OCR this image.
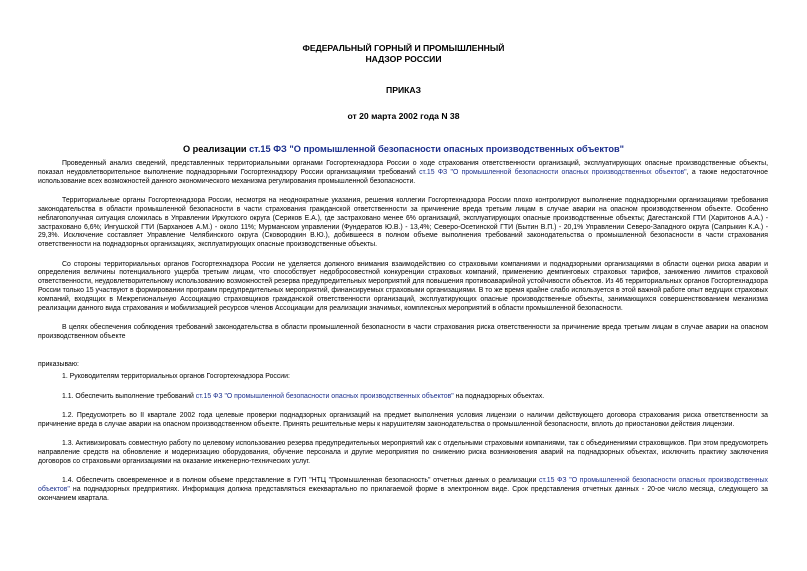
ФЕДЕРАЛЬНЫЙ ГОРНЫЙ И ПРОМЫШЛЕННЫЙ
НАДЗОР РОССИИ
ПРИКАЗ
от 20 марта 2002 года N 38
О реализации ст.15 ФЗ "О промышленной безопасности опасных производственных объектов"

Проведенный анализ сведений, представленных территориальными органами Госгортехнадзора России о ходе страхования ответственности организаций, эксплуатирующих опасные производственные объекты, показал неудовлетворительное выполнение поднадзорными Госгортехнадзору России организациями требований ст.15 ФЗ "О промышленной безопасности опасных производственных объектов", а также недостаточное использование всех возможностей данного экономического механизма регулирования промышленной безопасности.

Территориальные органы Госгортехнадзора России, несмотря на неоднократные указания, решения коллегии Госгортехнадзора России плохо контролируют выполнение поднадзорными организациями требования законодательства в области промышленной безопасности в части страхования гражданской ответственности за причинение вреда третьим лицам в случае аварии на опасном производственном объекте. Особенно неблагополучная ситуация сложилась в Управлении Иркутского округа (Сериков Е.А.), где застраховано менее 6% организаций, эксплуатирующих опасные производственные объекты; Дагестанской ГТИ (Харитонов А.А.) - застраховано 6,6%; Ингушской ГТИ (Барханоев А.М.) - около 11%; Мурманском управлении (Фундератов Ю.В.) - 13,4%; Северо-Осетинской ГТИ (Бытин В.П.) - 20,1% Управлении Северо-Западного округа (Сапрыкин К.А.) - 29,3%. Исключение составляет Управление Челябинского округа (Сковородкин В.Ю.), добившееся в полном объеме выполнения требований законодательства о промышленной безопасности в части страхования ответственности на поднадзорных организациях, эксплуатирующих опасные производственные объекты.

Со стороны территориальных органов Госгортехнадзора России не уделяется должного внимания взаимодействию со страховыми компаниями и поднадзорными организациями в области оценки риска аварии и определения величины потенциального ущерба третьим лицам, что способствует недобросовестной конкуренции страховых компаний, применению демпинговых страховых тарифов, занижению лимитов страховой ответственности, неудовлетворительному использованию возможностей резерва предупредительных мероприятий для повышения противоаварийной устойчивости объектов. Из 46 территориальных органов Госгортехнадзора России только 15 участвуют в формировании программ предупредительных мероприятий, финансируемых страховыми организациями. В то же время крайне слабо используется в этой важной работе опыт ведущих страховых компаний, входящих в Межрегиональную Ассоциацию страховщиков гражданской ответственности организаций, эксплуатирующих опасные производственные объекты, занимающихся совершенствованием механизма реализации данного вида страхования и мобилизацией ресурсов членов Ассоциации для реализации значимых, комплексных мероприятий в области промышленной безопасности.

В целях обеспечения соблюдения требований законодательства в области промышленной безопасности в части страхования риска ответственности за причинение вреда третьим лицам в случае аварии на опасном производственном объекте

приказываю:

1. Руководителям территориальных органов Госгортехнадзора России:

1.1. Обеспечить выполнение требований ст.15 ФЗ "О промышленной безопасности опасных производственных объектов" на поднадзорных объектах.

1.2. Предусмотреть во II квартале 2002 года целевые проверки поднадзорных организаций на предмет выполнения условия лицензии о наличии действующего договора страхования риска ответственности за причинение вреда в случае аварии на опасном производственном объекте. Принять решительные меры к нарушителям законодательства о промышленной безопасности, вплоть до приостановки действия лицензии.

1.3. Активизировать совместную работу по целевому использованию резерва предупредительных мероприятий как с отдельными страховыми компаниями, так с объединениями страховщиков. При этом предусмотреть направление средств на обновление и модернизацию оборудования, обучение персонала и другие мероприятия по снижению риска возникновения аварий на поднадзорных объектах, исключить практику заключения договоров со страховыми организациями на оказание инженерно-технических услуг.

1.4. Обеспечить своевременное и в полном объеме представление в ГУП "НТЦ "Промышленная безопасность" отчетных данных о реализации ст.15 ФЗ "О промышленной безопасности опасных производственных объектов" на поднадзорных предприятиях. Информация должна представляться ежеквартально по прилагаемой форме в электронном виде. Срок представления отчетных данных - 20-ое число месяца, следующего за окончанием квартала.
